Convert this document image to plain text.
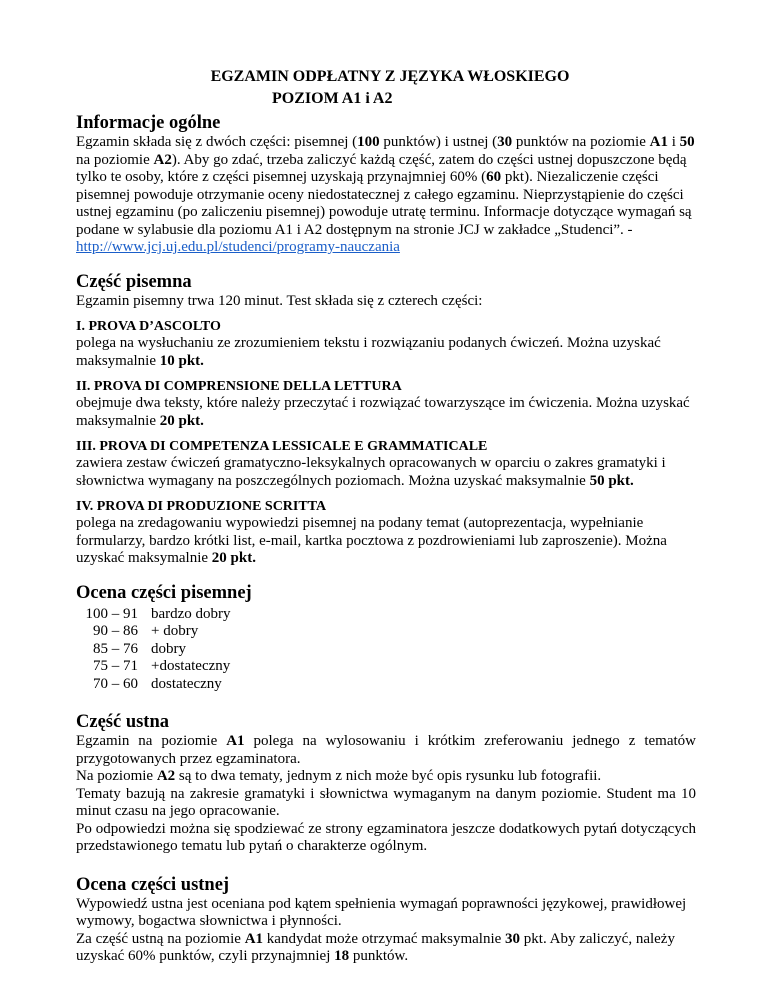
EGZAMIN ODPŁATNY Z JĘZYKA WŁOSKIEGO
POZIOM A1 i A2
Informacje ogólne

Egzamin składa się z dwóch części: pisemnej (100 punktów) i ustnej (30 punktów na poziomie A1 i 50 na poziomie A2). Aby go zdać, trzeba zaliczyć każdą część, zatem do części ustnej dopuszczone będą tylko te osoby, które z części pisemnej uzyskają przynajmniej 60% (60 pkt). Niezaliczenie części pisemnej powoduje otrzymanie oceny niedostatecznej z całego egzaminu. Nieprzystąpienie do części ustnej egzaminu (po zaliczeniu pisemnej) powoduje utratę terminu. Informacje dotyczące wymagań są podane w sylabusie dla poziomu A1 i A2 dostępnym na stronie JCJ w zakładce „Studenci”. - http://www.jcj.uj.edu.pl/studenci/programy-nauczania

Część pisemna

Egzamin pisemny trwa 120 minut. Test składa się z czterech części:

I. PROVA D’ASCOLTO

polega na wysłuchaniu ze zrozumieniem tekstu i rozwiązaniu podanych ćwiczeń. Można uzyskać maksymalnie 10 pkt.

II. PROVA DI COMPRENSIONE DELLA LETTURA

obejmuje dwa teksty, które należy przeczytać i rozwiązać towarzyszące im ćwiczenia. Można uzyskać maksymalnie 20 pkt.

III. PROVA DI COMPETENZA LESSICALE E GRAMMATICALE

zawiera zestaw ćwiczeń gramatyczno-leksykalnych opracowanych w oparciu o zakres gramatyki i słownictwa wymagany na poszczególnych poziomach. Można uzyskać maksymalnie 50 pkt.

IV. PROVA DI PRODUZIONE SCRITTA

polega na zredagowaniu wypowiedzi pisemnej na podany temat (autoprezentacja, wypełnianie formularzy, bardzo krótki list, e-mail, kartka pocztowa z pozdrowieniami lub zaproszenie). Można uzyskać maksymalnie 20 pkt.

Ocena części pisemnej
100 – 91 bardzo dobry
90 – 86 + dobry
85 – 76 dobry
75 – 71 +dostateczny
70 – 60 dostateczny
Część ustna

Egzamin na poziomie A1 polega na wylosowaniu i krótkim zreferowaniu jednego z tematów przygotowanych przez egzaminatora.

Na poziomie A2 są to dwa tematy, jednym z nich może być opis rysunku lub fotografii.

Tematy bazują na zakresie gramatyki i słownictwa wymaganym na danym poziomie. Student ma 10 minut czasu na jego opracowanie.

Po odpowiedzi można się spodziewać ze strony egzaminatora jeszcze dodatkowych pytań dotyczących przedstawionego tematu lub pytań o charakterze ogólnym.

Ocena części ustnej

Wypowiedź ustna jest oceniana pod kątem spełnienia wymagań poprawności językowej, prawidłowej wymowy, bogactwa słownictwa i płynności.

Za część ustną na poziomie A1 kandydat może otrzymać maksymalnie 30 pkt. Aby zaliczyć, należy uzyskać 60% punktów, czyli przynajmniej 18 punktów.
